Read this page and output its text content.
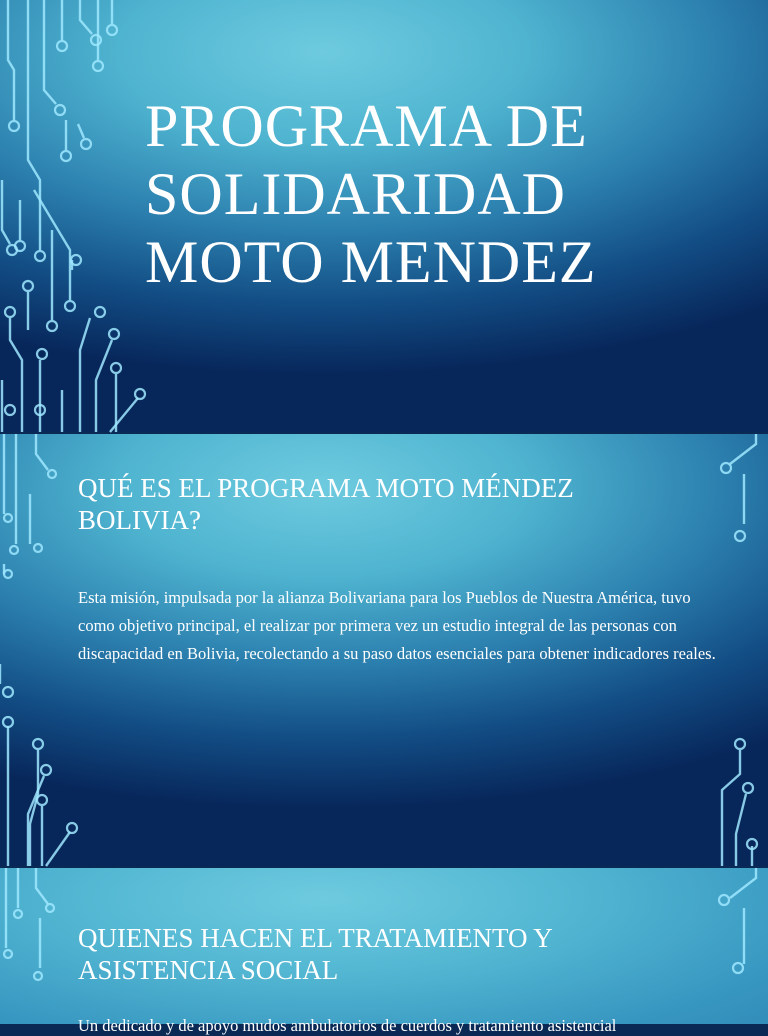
PROGRAMA DE
SOLIDARIDAD
MOTO MENDEZ
QUÉ ES EL PROGRAMA MOTO MÉNDEZ BOLIVIA?

Esta misión, impulsada por la alianza Bolivariana para los Pueblos de Nuestra América, tuvo como objetivo principal, el realizar por primera vez un estudio integral de las personas con discapacidad en Bolivia, recolectando a su paso datos esenciales para obtener indicadores reales.

QUIENES HACEN EL TRATAMIENTO Y ASISTENCIA SOCIAL
Un dedicado y de apoyo mudos ambulatorios de cuerdos y tratamiento asistencial
